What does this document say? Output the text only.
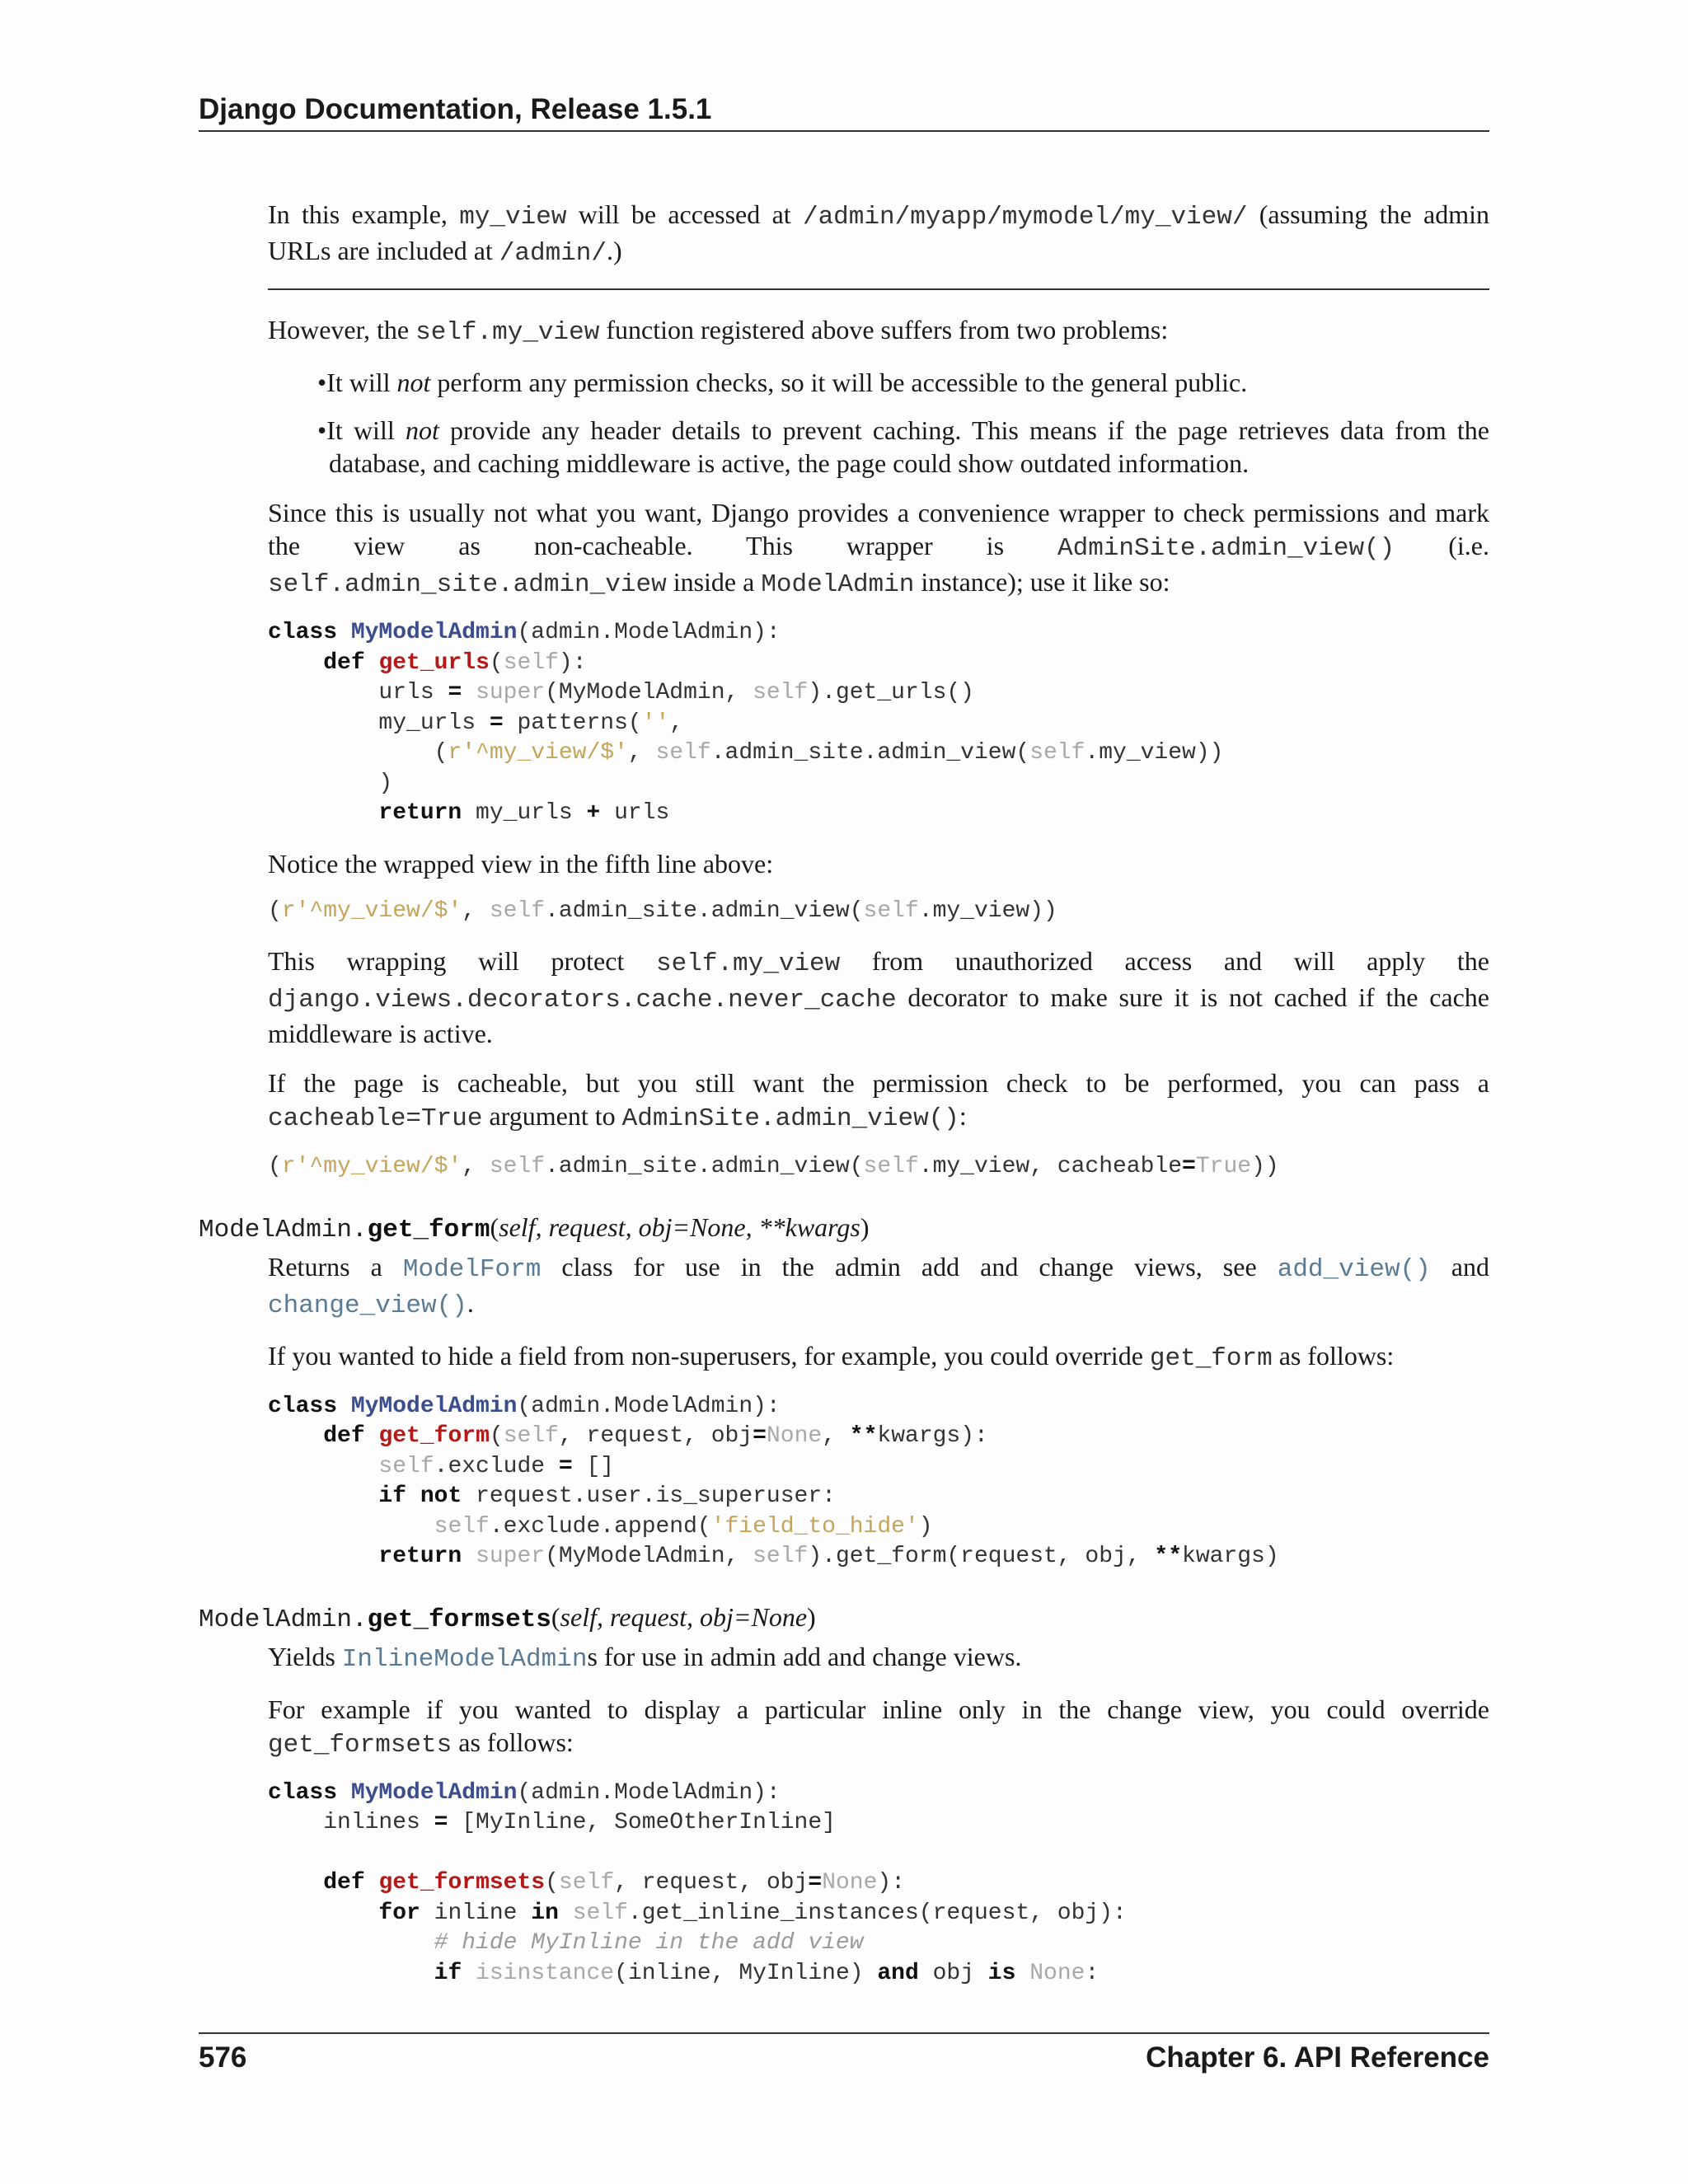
Django Documentation, Release 1.5.1

In this example, my_view will be accessed at /admin/myapp/mymodel/my_view/ (assuming the admin URLs are included at /admin/.)

However, the self.my_view function registered above suffers from two problems:

•It will not perform any permission checks, so it will be accessible to the general public.
•It will not provide any header details to prevent caching. This means if the page retrieves data from the database, and caching middleware is active, the page could show outdated information.

Since this is usually not what you want, Django provides a convenience wrapper to check permissions and mark the view as non-cacheable. This wrapper is AdminSite.admin_view() (i.e. self.admin_site.admin_view inside a ModelAdmin instance); use it like so:

class MyModelAdmin(admin.ModelAdmin):
def get_urls(self):
urls = super(MyModelAdmin, self).get_urls()
my_urls = patterns('',
(r'^my_view/$', self.admin_site.admin_view(self.my_view))
)
return my_urls + urls

Notice the wrapped view in the fifth line above:

(r'^my_view/$', self.admin_site.admin_view(self.my_view))

This wrapping will protect self.my_view from unauthorized access and will apply the django.views.decorators.cache.never_cache decorator to make sure it is not cached if the cache middleware is active.

If the page is cacheable, but you still want the permission check to be performed, you can pass a cacheable=True argument to AdminSite.admin_view():

(r'^my_view/$', self.admin_site.admin_view(self.my_view, cacheable=True))
ModelAdmin.get_form(self, request, obj=None, **kwargs)

Returns a ModelForm class for use in the admin add and change views, see add_view() and change_view().

If you wanted to hide a field from non-superusers, for example, you could override get_form as follows:

class MyModelAdmin(admin.ModelAdmin):
def get_form(self, request, obj=None, **kwargs):
self.exclude = []
if not request.user.is_superuser:
self.exclude.append('field_to_hide')
return super(MyModelAdmin, self).get_form(request, obj, **kwargs)
ModelAdmin.get_formsets(self, request, obj=None)

Yields InlineModelAdmins for use in admin add and change views.

For example if you wanted to display a particular inline only in the change view, you could override get_formsets as follows:

class MyModelAdmin(admin.ModelAdmin):
inlines = [MyInline, SomeOtherInline]

def get_formsets(self, request, obj=None):
for inline in self.get_inline_instances(request, obj):
# hide MyInline in the add view
if isinstance(inline, MyInline) and obj is None:
576	Chapter 6. API Reference
